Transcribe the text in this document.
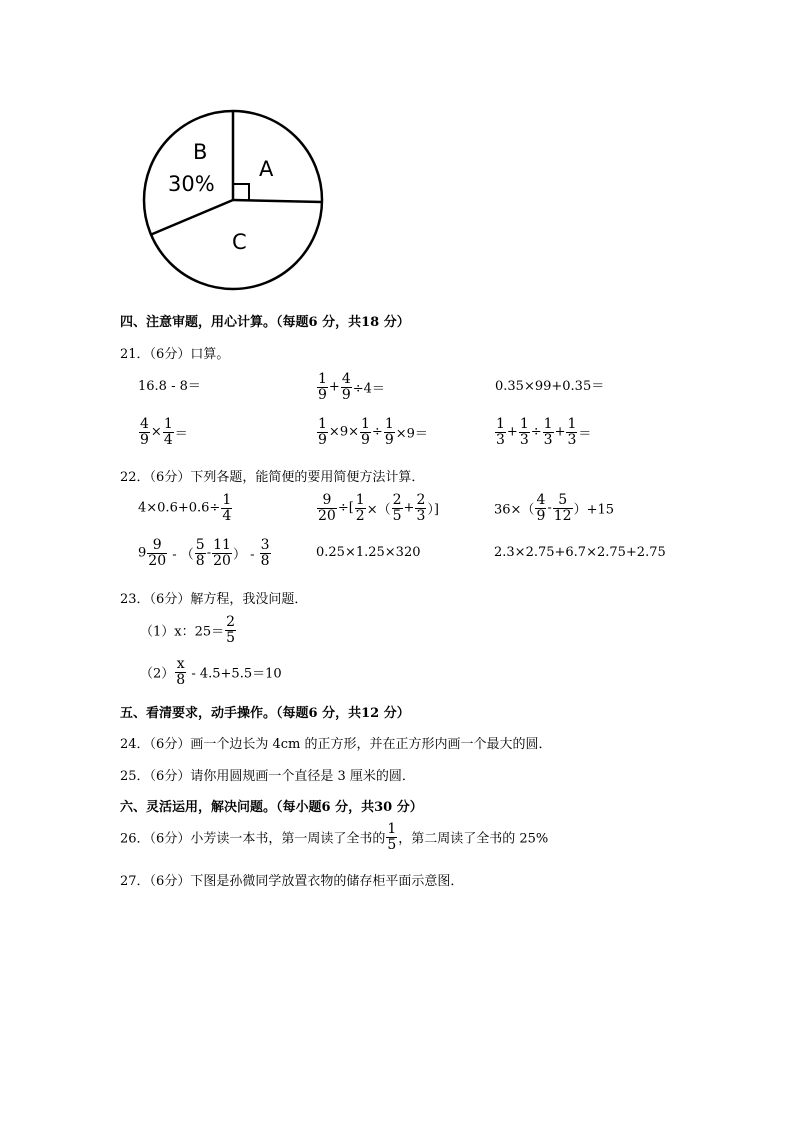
B
30%
A
C
四、注意审题，用心计算。（每题6 分，共18 分）
21．（6分）口算。
16.8 - 8＝	$\frac{1}{9} + \frac{4}{9} \div 4=$	0.35×99+0.35＝
$\frac{4}{9} \times \frac{1}{4}$ ＝	$\frac{1}{9} \times 9\times \frac{1}{9} \div \frac{1}{9} \times 9=$	$\frac{1}{3} + \frac{1}{3} \div \frac{1}{3} + \frac{1}{3}$ ＝
22．（6分）下列各题，能简便的要用简便方法计算．
$4\times 0.6+0.6\div \frac{1}{4}$	$\frac{9}{20}$ ÷[ $\frac{1}{2}$ ×（ $\frac{2}{5} + \frac{2}{3}$ ）]	$36\times( \frac{4}{9} - \frac{5}{12} )+15$
$9 \frac{9}{20}$ - （ $\frac{5}{8} - \frac{11}{20}$ ） - $\frac{3}{8}$	0.25×1.25×320	2.3×2.75+6.7×2.75+2.75
23．（6分）解方程，我没问题．
（1）x：$25= \frac{2}{5}$
$(2) \frac{x}{8} - 4.5+5.5=10$
五、看清要求，动手操作。（每题6 分，共12 分）
24．（6分）画一个边长为 4cm 的正方形，并在正方形内画一个最大的圆．
25．（6分）请你用圆规画一个直径是 3 厘米的圆．
六、灵活运用，解决问题。（每小题6 分，共30 分）
26．（6分）小芳读一本书，第一周读了全书的 $\frac{1}{5}$ ，第二周读了全书的 25%
27．（6分）下图是孙微同学放置衣物的储存柜平面示意图．
